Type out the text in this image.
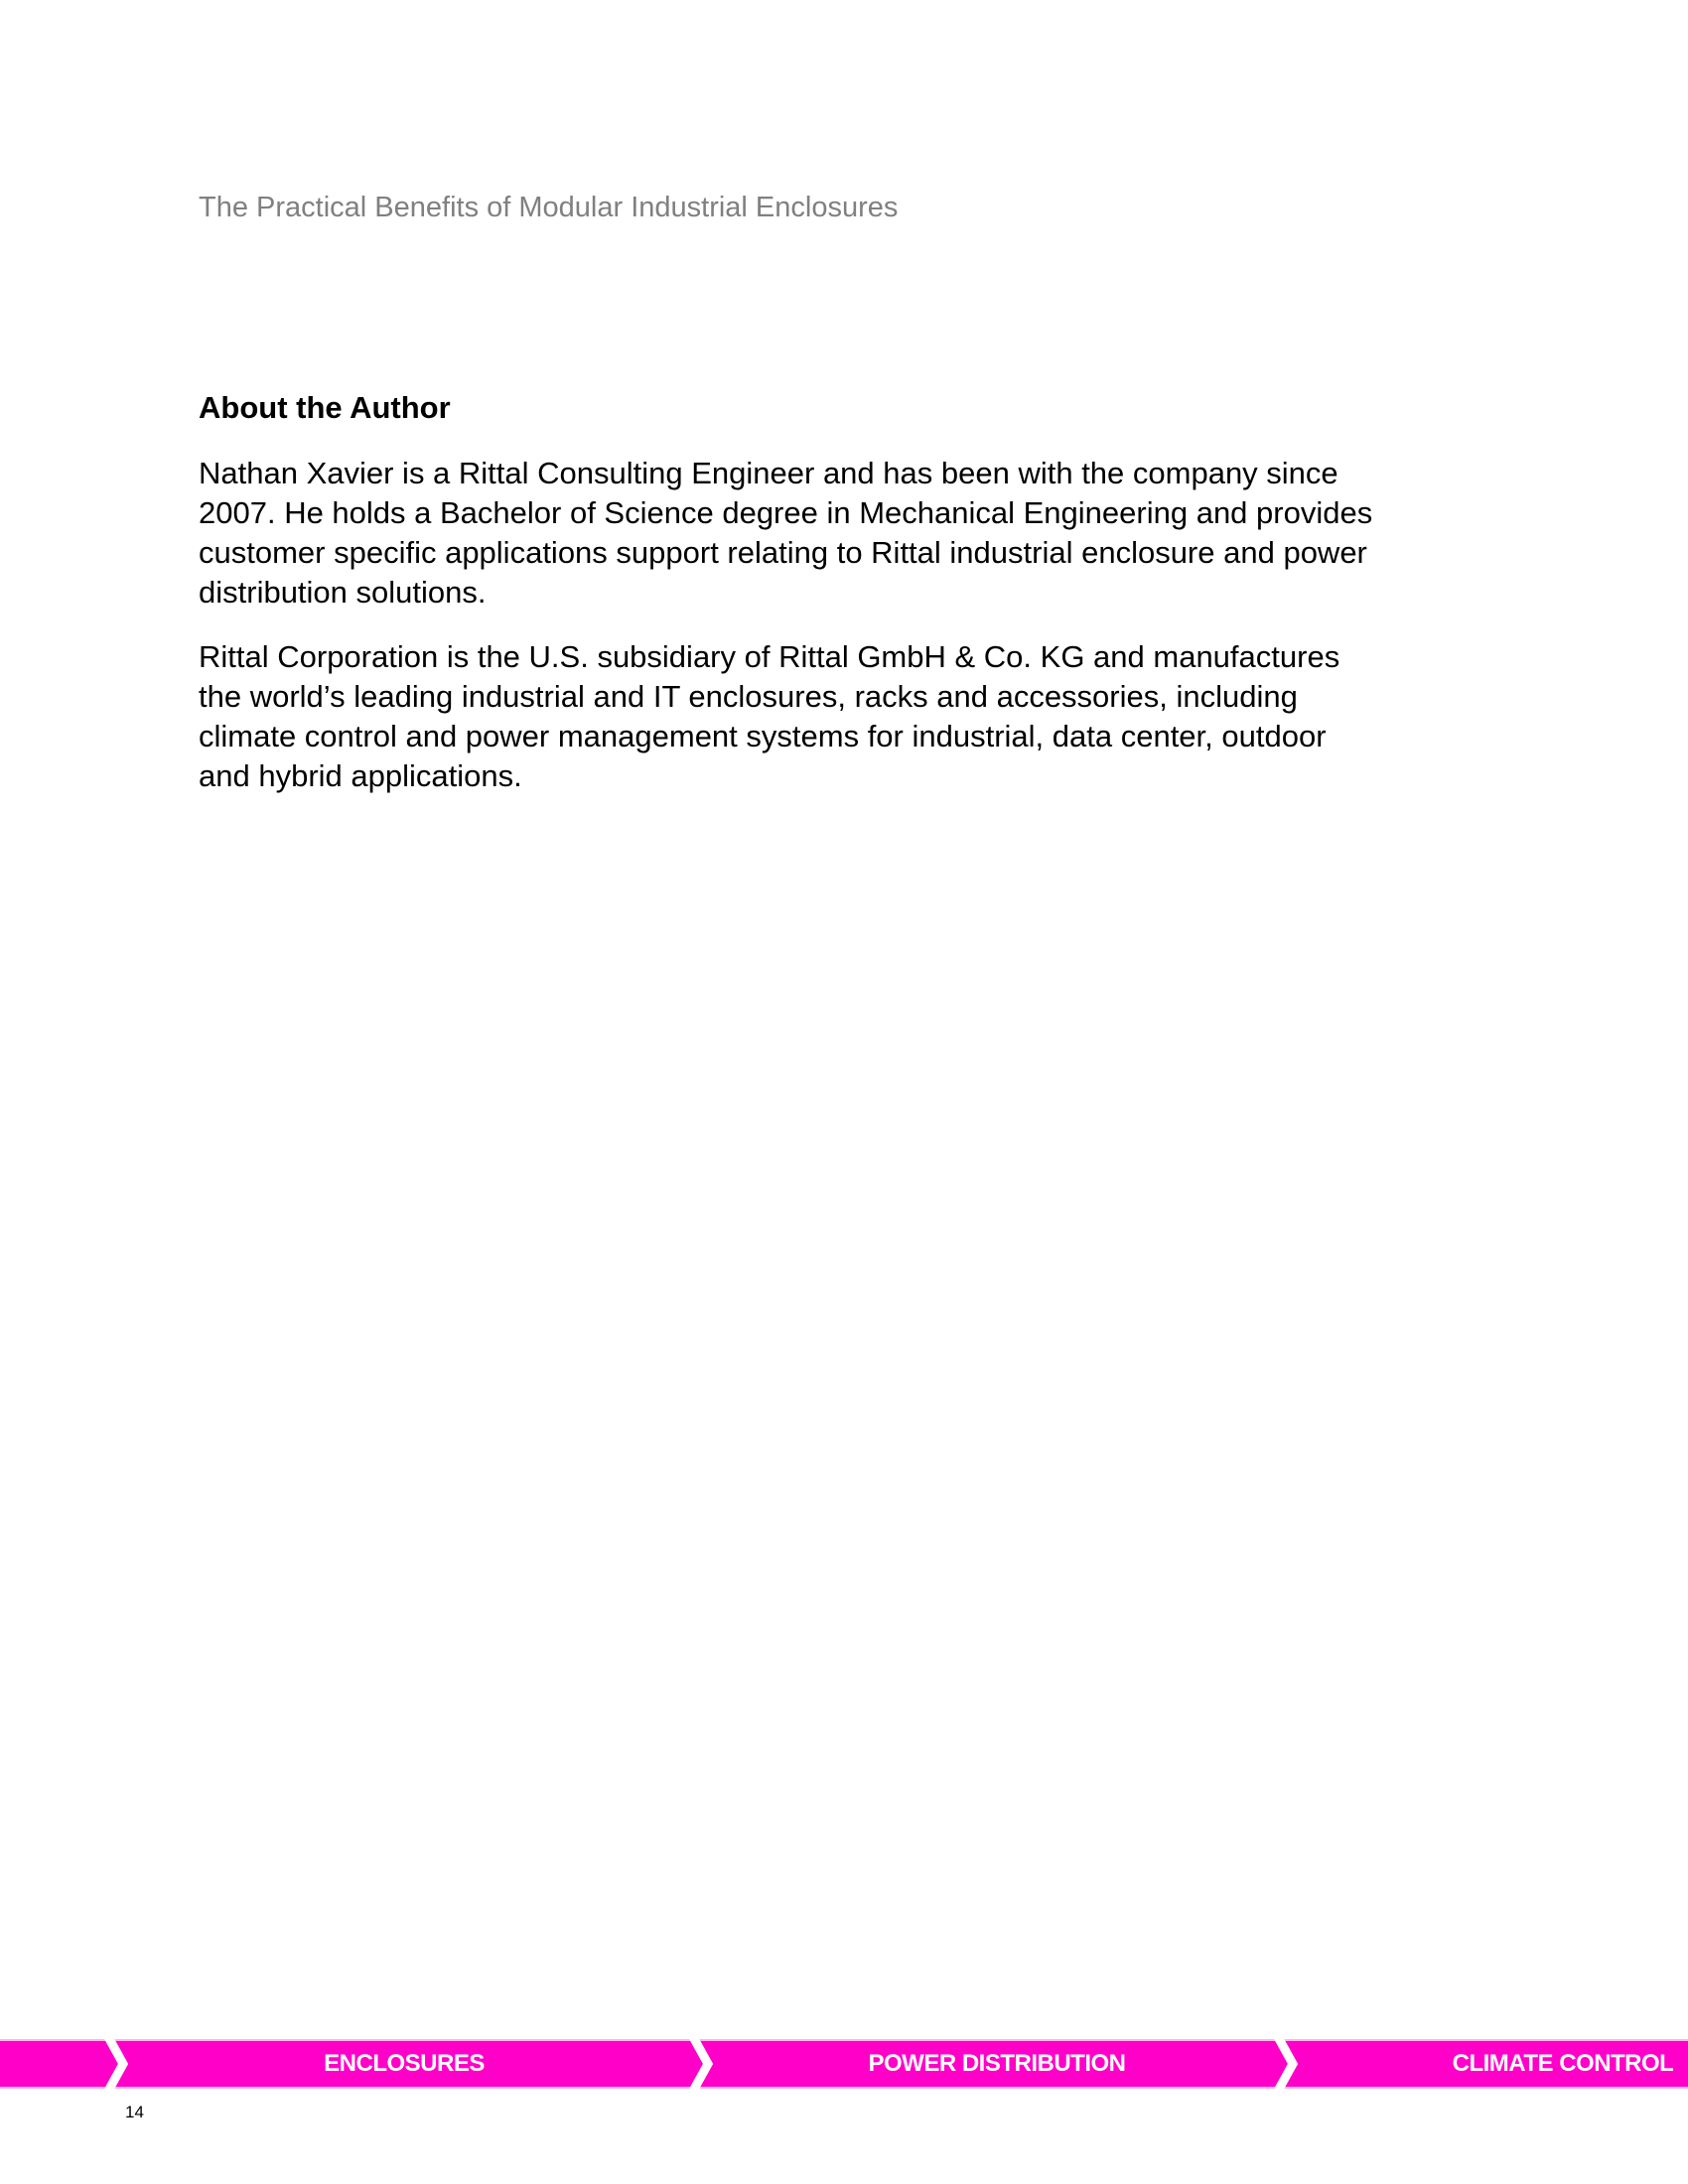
The Practical Benefits of Modular Industrial Enclosures
About the Author
Nathan Xavier is a Rittal Consulting Engineer and has been with the company since
2007. He holds a Bachelor of Science degree in Mechanical Engineering and provides
customer specific applications support relating to Rittal industrial enclosure and power
distribution solutions.
Rittal Corporation is the U.S. subsidiary of Rittal GmbH & Co. KG and manufactures
the world’s leading industrial and IT enclosures, racks and accessories, including
climate control and power management systems for industrial, data center, outdoor
and hybrid applications.
ENCLOSURES	POWER DISTRIBUTION	CLIMATE CONTROL
14
